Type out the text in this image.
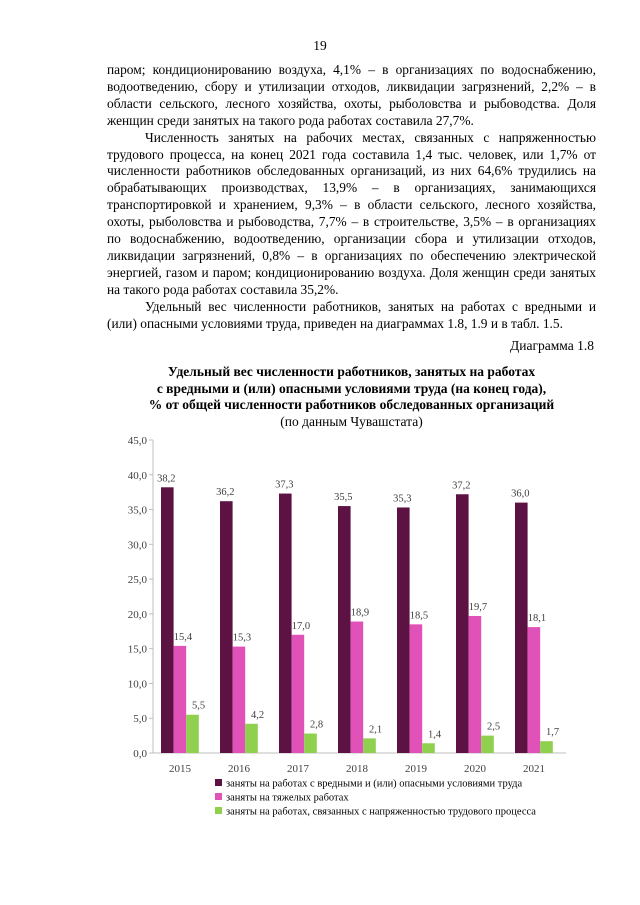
19

паром; кондиционированию воздуха, 4,1% – в организациях по водоснабжению, водоотведению, сбору и утилизации отходов, ликвидации загрязнений, 2,2% – в области сельского, лесного хозяйства, охоты, рыболовства и рыбоводства. Доля женщин среди занятых на такого рода работах составила 27,7%.

Численность занятых на рабочих местах, связанных с напряженностью трудового процесса, на конец 2021 года составила 1,4 тыс. человек, или 1,7% от численности работников обследованных организаций, из них 64,6% трудились на обрабатывающих производствах, 13,9% – в организациях, занимающихся транспортировкой и хранением, 9,3% – в области сельского, лесного хозяйства, охоты, рыболовства и рыбоводства, 7,7% – в строительстве, 3,5% – в организациях по водоснабжению, водоотведению, организации сбора и утилизации отходов, ликвидации загрязнений, 0,8% – в организациях по обеспечению электрической энергией, газом и паром; кондиционированию воздуха. Доля женщин среди занятых на такого рода работах составила 35,2%.

Удельный вес численности работников, занятых на работах с вредными и (или) опасными условиями труда, приведен на диаграммах 1.8, 1.9 и в табл. 1.5.

Диаграмма 1.8
Удельный вес численности работников, занятых на работах
с вредными и (или) опасными условиями труда (на конец года),
% от общей численности работников обследованных организаций
(по данным Чувашстата)
0,0
5,0
10,0
15,0
20,0
25,0
30,0
35,0
40,0
45,0
38,2
15,4
5,5
2015
36,2
15,3
4,2
2016
37,3
17,0
2,8
2017
35,5
18,9
2,1
2018
35,3
18,5
1,4
2019
37,2
19,7
2,5
2020
36,0
18,1
1,7
2021
заняты на работах с вредными и (или) опасными условиями труда
заняты на тяжелых работах
заняты на работах, связанных с напряженностью трудового процесса
